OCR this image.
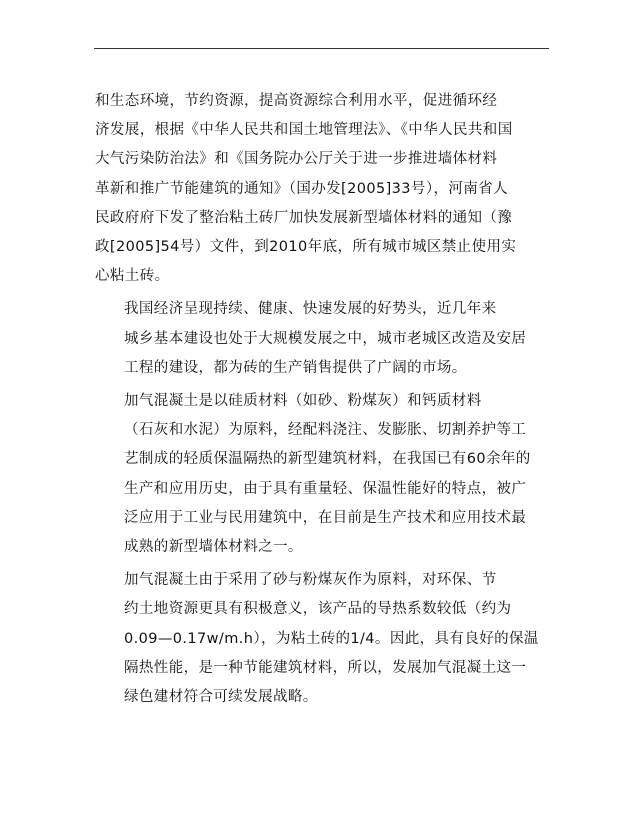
和生态环境，节约资源，提高资源综合利用水平，促进循环经
济发展，根据《中华人民共和国土地管理法》、《中华人民共和国
大气污染防治法》和《国务院办公厅关于进一步推进墙体材料
革新和推广节能建筑的通知》（国办发[2005]33号），河南省人
民政府府下发了整治粘土砖厂加快发展新型墙体材料的通知（豫
政[2005]54号）文件，到2010年底，所有城市城区禁止使用实
心粘土砖。

我国经济呈现持续、健康、快速发展的好势头，近几年来
城乡基本建设也处于大规模发展之中，城市老城区改造及安居
工程的建设，都为砖的生产销售提供了广阔的市场。

加气混凝土是以硅质材料（如砂、粉煤灰）和钙质材料
（石灰和水泥）为原料，经配料浇注、发膨胀、切割养护等工
艺制成的轻质保温隔热的新型建筑材料，在我国已有60余年的
生产和应用历史，由于具有重量轻、保温性能好的特点，被广
泛应用于工业与民用建筑中，在目前是生产技术和应用技术最
成熟的新型墙体材料之一。

加气混凝土由于采用了砂与粉煤灰作为原料，对环保、节
约土地资源更具有积极意义，该产品的导热系数较低（约为
0.09—0.17w/m.h），为粘土砖的1/4。因此，具有良好的保温
隔热性能，是一种节能建筑材料，所以，发展加气混凝土这一
绿色建材符合可续发展战略。
